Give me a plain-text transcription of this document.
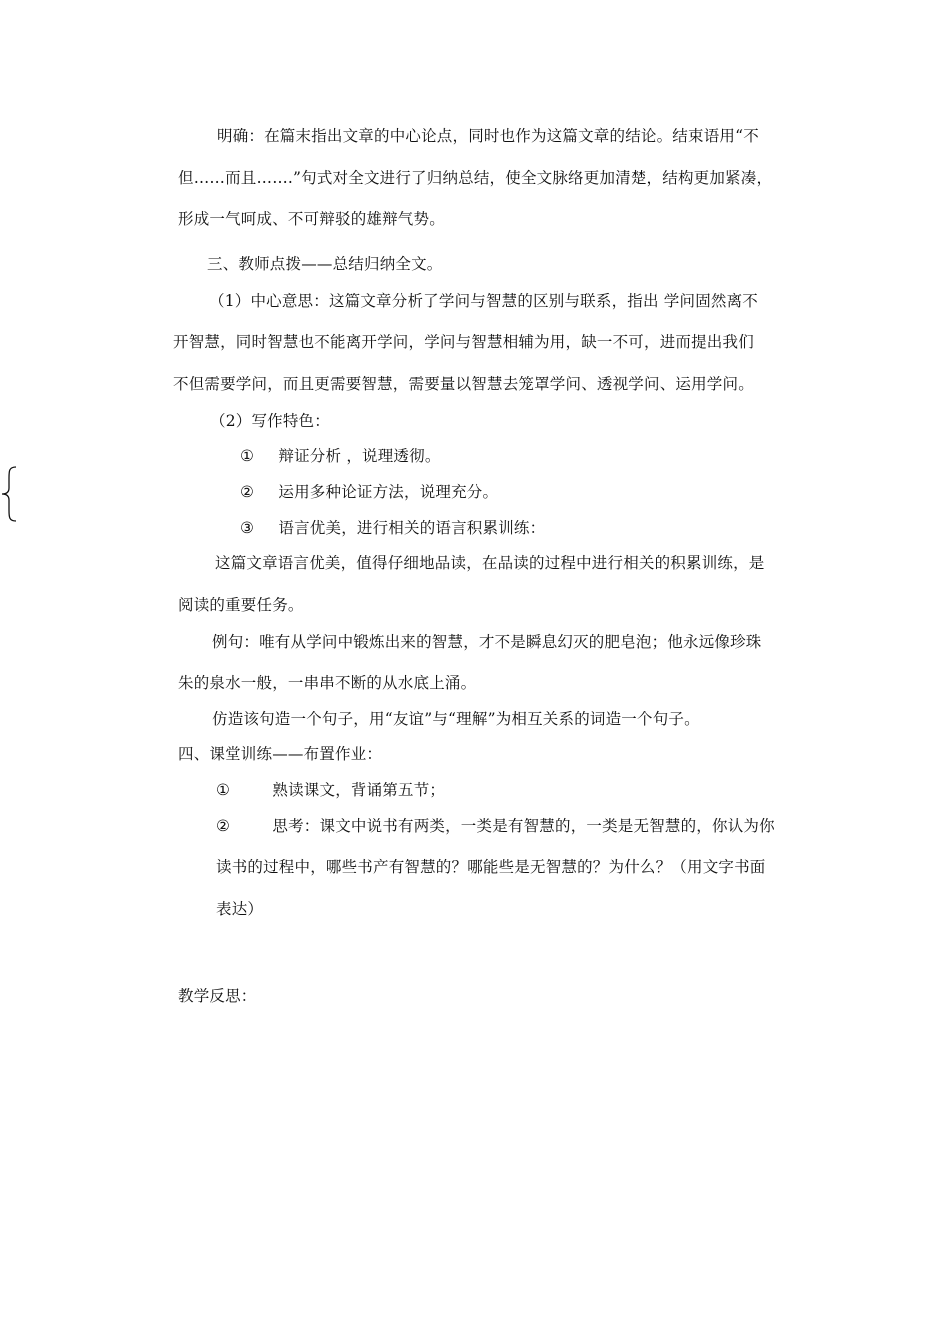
明确：在篇末指出文章的中心论点，同时也作为这篇文章的结论。结束语用“不
但……而且…….”句式对全文进行了归纳总结，使全文脉络更加清楚，结构更加紧凑，
形成一气呵成、不可辩驳的雄辩气势。
三、教师点拨——总结归纳全文。
（1）中心意思：这篇文章分析了学问与智慧的区别与联系，指出 学问固然离不
开智慧，同时智慧也不能离开学问，学问与智慧相辅为用，缺一不可，进而提出我们
不但需要学问，而且更需要智慧，需要量以智慧去笼罩学问、透视学问、运用学问。
（2）写作特色：
① 辩证分析 ，说理透彻。
② 运用多种论证方法，说理充分。
③ 语言优美，进行相关的语言积累训练：
这篇文章语言优美，值得仔细地品读，在品读的过程中进行相关的积累训练，是
阅读的重要任务。
例句：唯有从学问中锻炼出来的智慧，才不是瞬息幻灭的肥皂泡；他永远像珍珠
朱的泉水一般，一串串不断的从水底上涌。
仿造该句造一个句子，用“友谊”与“理解”为相互关系的词造一个句子。
四、课堂训练——布置作业：
①	熟读课文，背诵第五节；
②	思考：课文中说书有两类，一类是有智慧的，一类是无智慧的，你认为你
读书的过程中，哪些书产有智慧的？哪能些是无智慧的？为什么？（用文字书面
表达）
教学反思：
